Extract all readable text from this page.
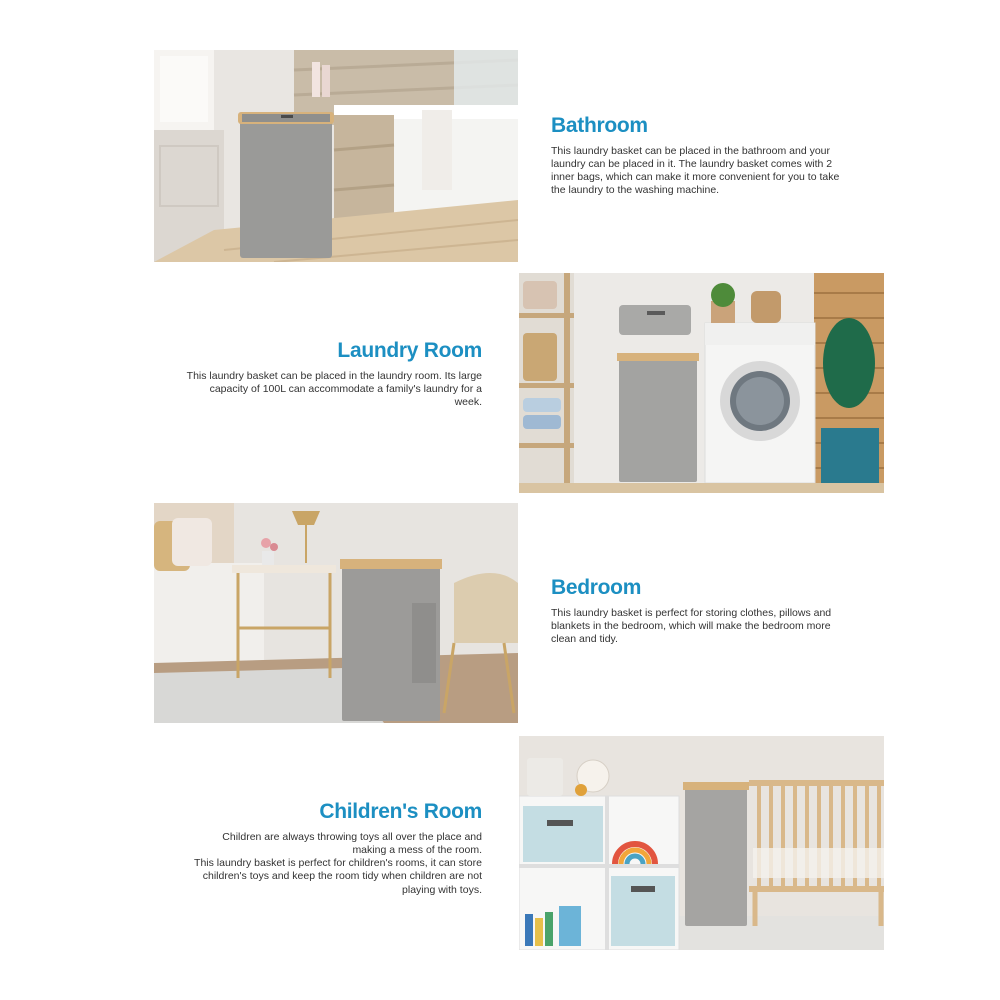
Bathroom

This laundry basket can be placed in the bathroom and your laundry can be placed in it. The laundry basket comes with 2 inner bags, which can make it more convenient for you to take the laundry to the washing machine.

Laundry Room

This laundry basket can be placed in the laundry room. Its large capacity of 100L can accommodate a family's laundry for a week.

Bedroom

This laundry basket is perfect for storing clothes, pillows and blankets in the bedroom, which will make the bedroom more clean and tidy.

Children's Room

Children are always throwing toys all over the place and making a mess of the room.

This laundry basket is perfect for children's rooms, it can store children's toys and keep the room tidy when children are not playing with toys.
